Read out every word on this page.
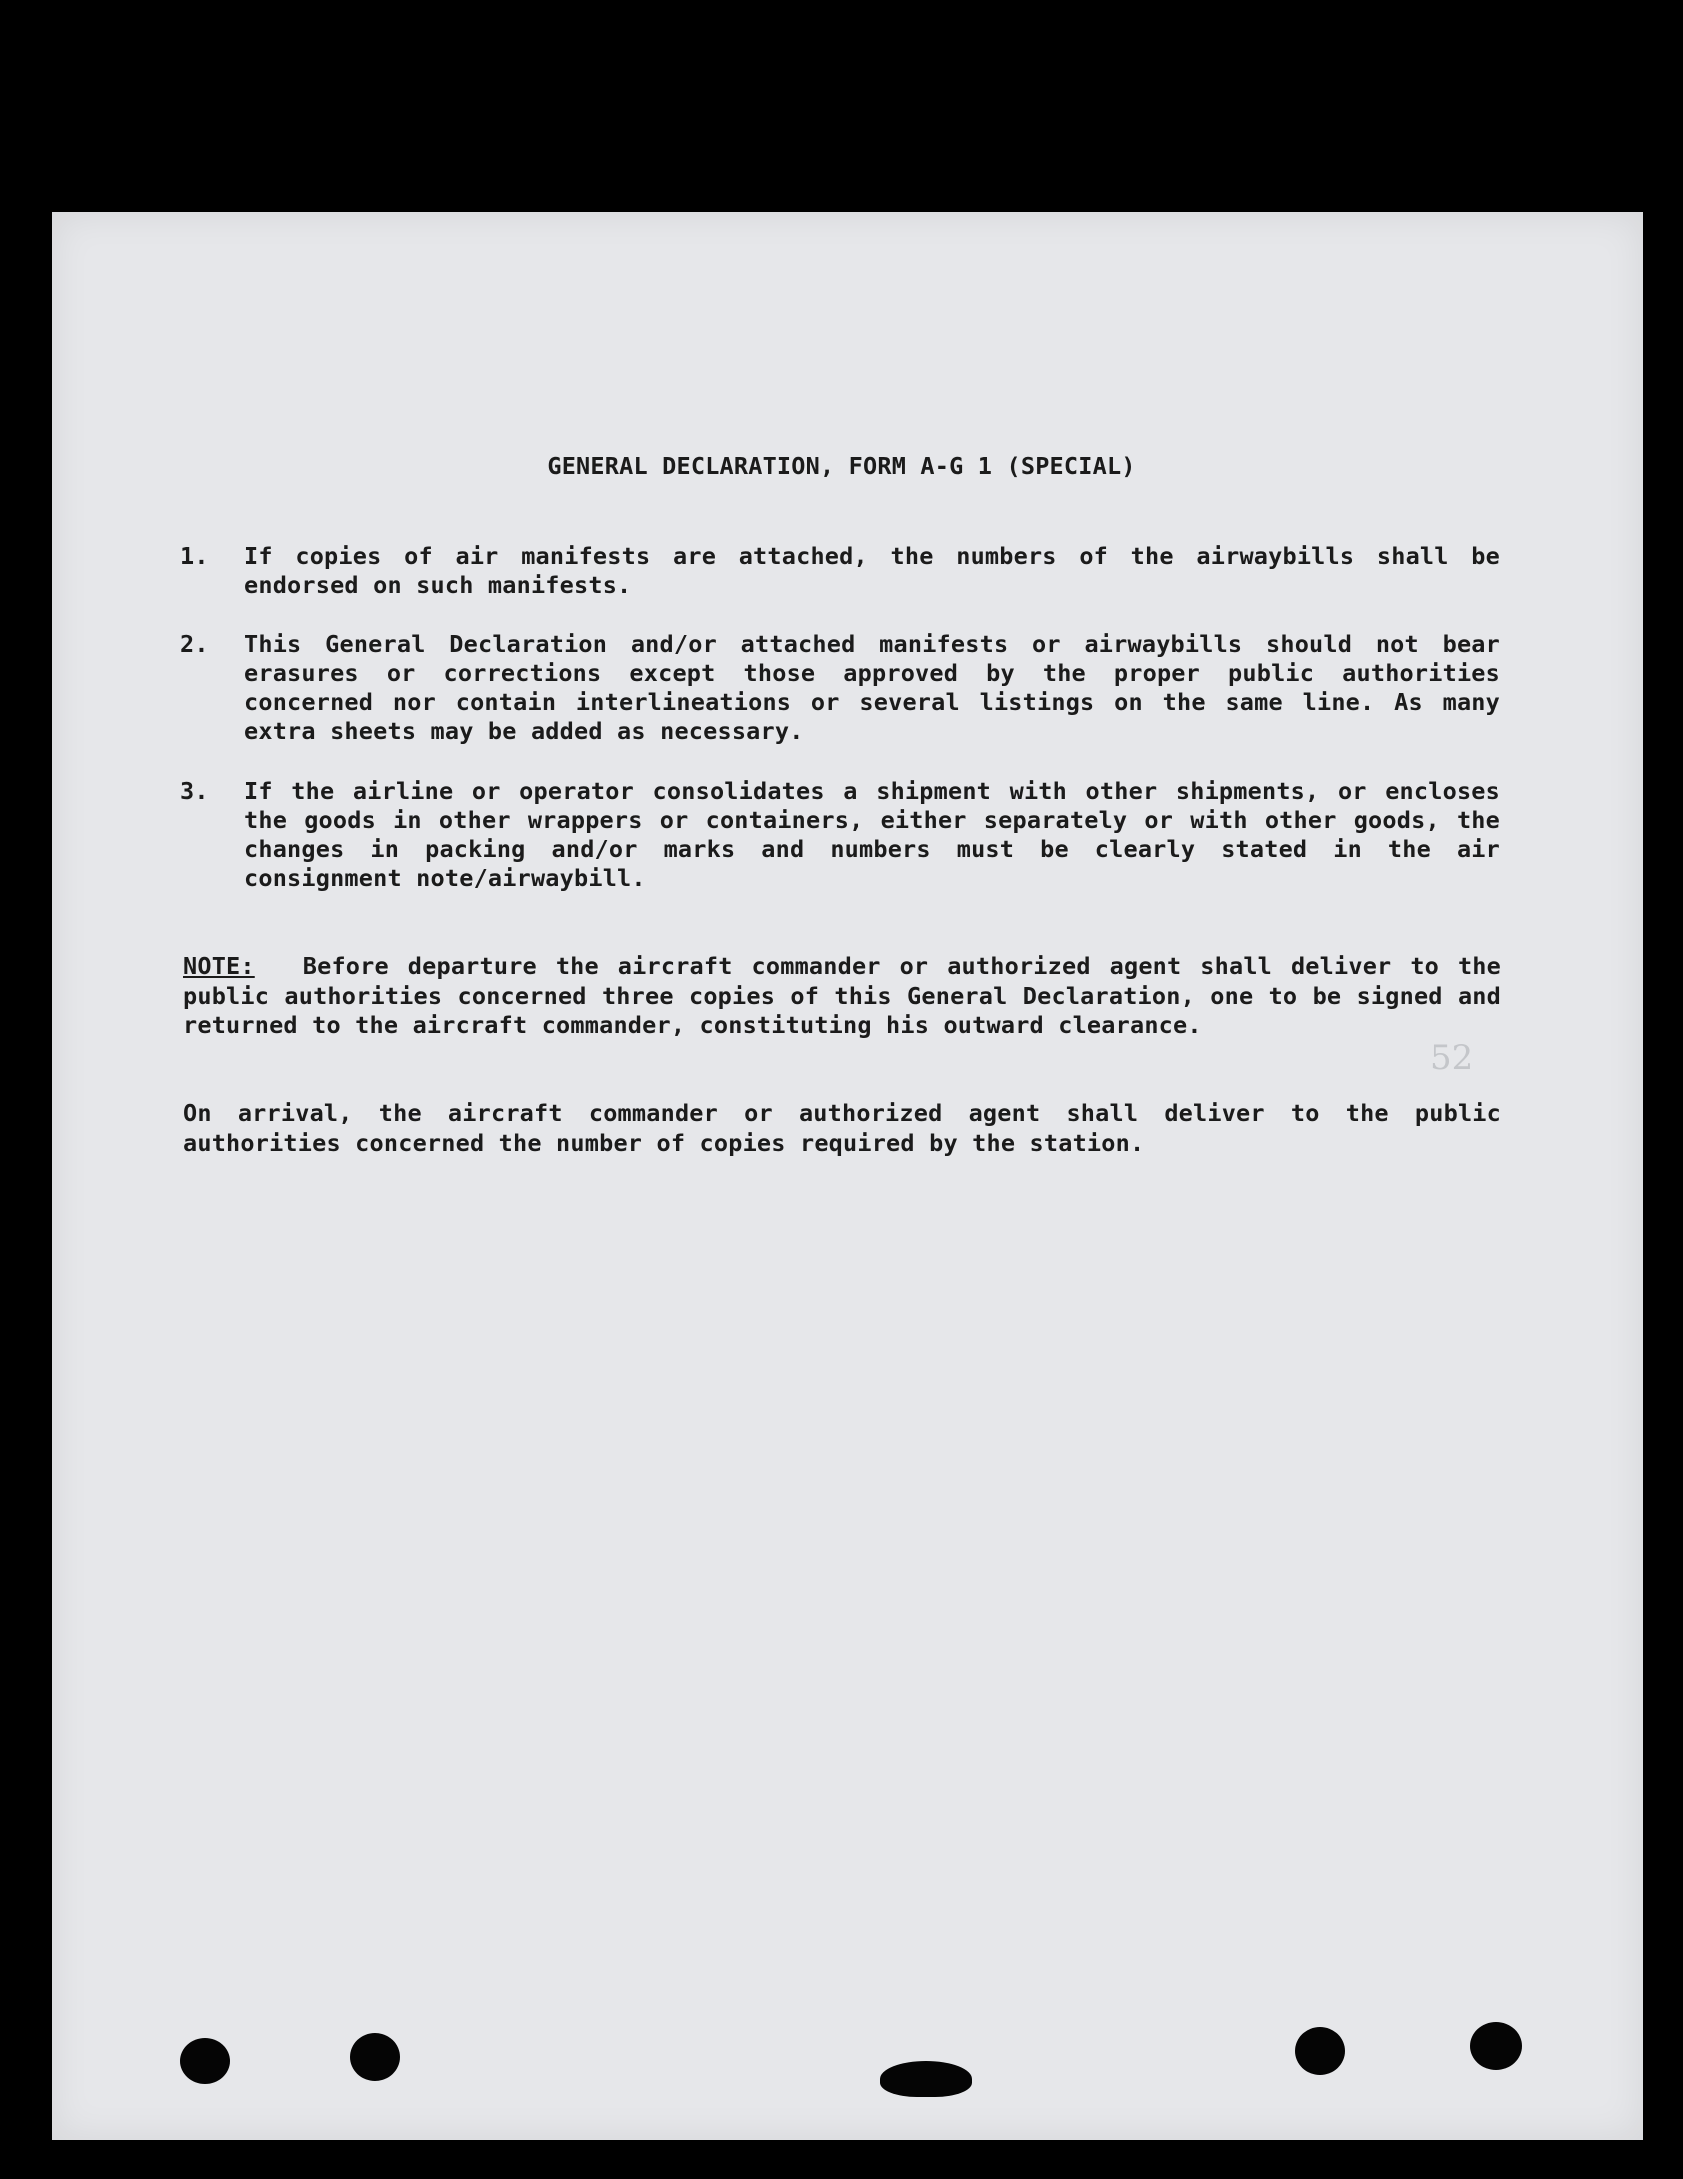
GENERAL DECLARATION, FORM A-G 1 (SPECIAL)
1.	If copies of air manifests are attached, the numbers of the airwaybills shall be endorsed on such manifests.
2.	This General Declaration and/or attached manifests or airwaybills should not bear erasures or corrections except those approved by the proper public authorities concerned nor contain interlineations or several listings on the same line. As many extra sheets may be added as necessary.
3.	If the airline or operator consolidates a shipment with other shipments, or encloses the goods in other wrappers or containers, either separately or with other goods, the changes in packing and/or marks and numbers must be clearly stated in the air consignment note/airwaybill.
NOTE: Before departure the aircraft commander or authorized agent shall deliver to the public authorities concerned three copies of this General Declaration, one to be signed and returned to the aircraft commander, constituting his outward clearance.
On arrival, the aircraft commander or authorized agent shall deliver to the public authorities concerned the number of copies required by the station.
52
